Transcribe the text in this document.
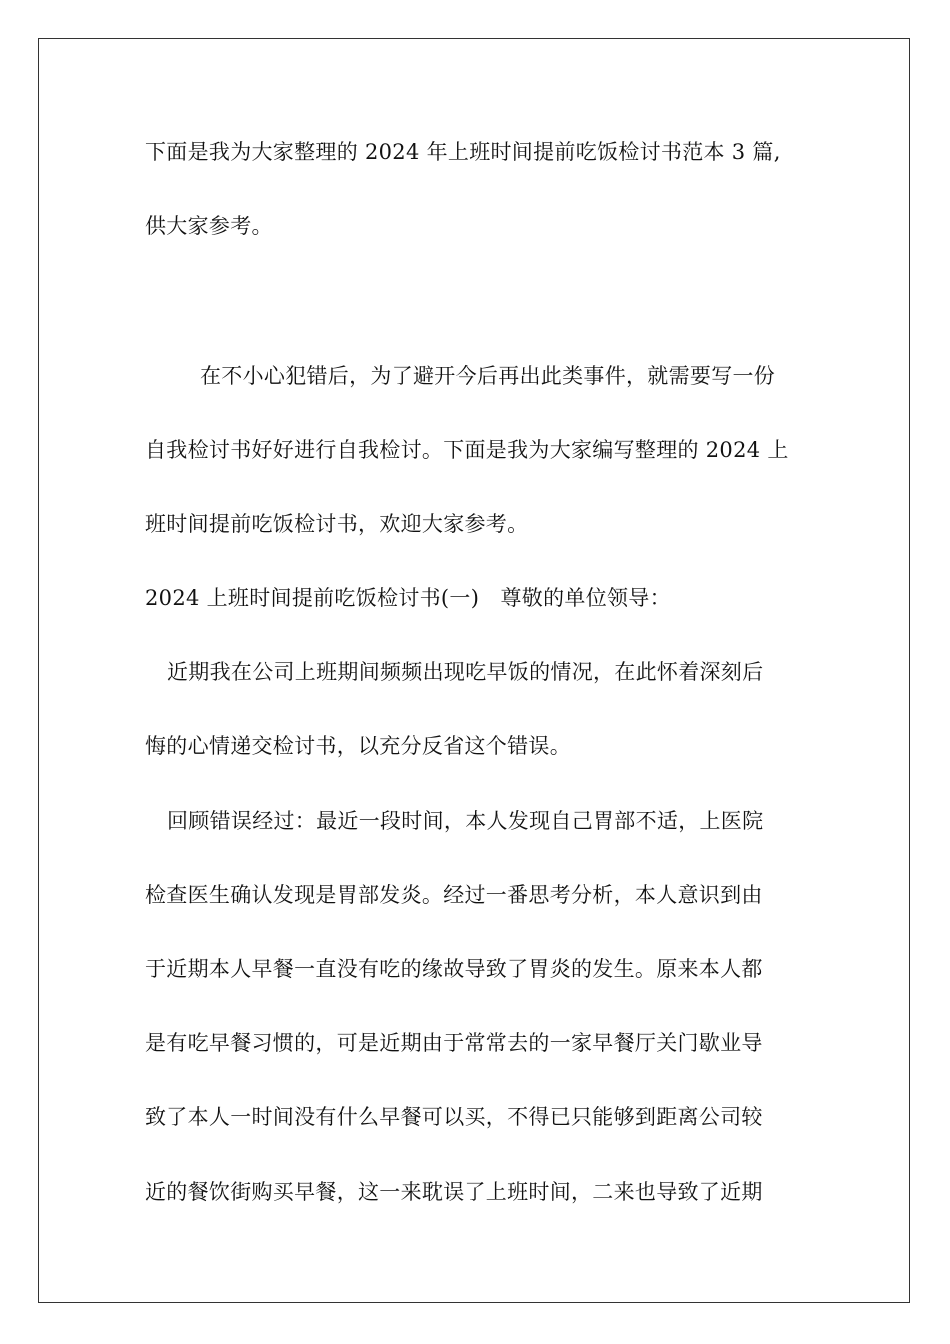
下面是我为大家整理的 2024 年上班时间提前吃饭检讨书范本 3 篇,
供大家参考。
在不小心犯错后，为了避开今后再出此类事件，就需要写一份
自我检讨书好好进行自我检讨。下面是我为大家编写整理的 2024 上
班时间提前吃饭检讨书，欢迎大家参考。
2024 上班时间提前吃饭检讨书(一)　尊敬的单位领导：
近期我在公司上班期间频频出现吃早饭的情况，在此怀着深刻后
悔的心情递交检讨书，以充分反省这个错误。
回顾错误经过：最近一段时间，本人发现自己胃部不适，上医院
检查医生确认发现是胃部发炎。经过一番思考分析，本人意识到由
于近期本人早餐一直没有吃的缘故导致了胃炎的发生。原来本人都
是有吃早餐习惯的，可是近期由于常常去的一家早餐厅关门歇业导
致了本人一时间没有什么早餐可以买，不得已只能够到距离公司较
近的餐饮街购买早餐，这一来耽误了上班时间，二来也导致了近期
